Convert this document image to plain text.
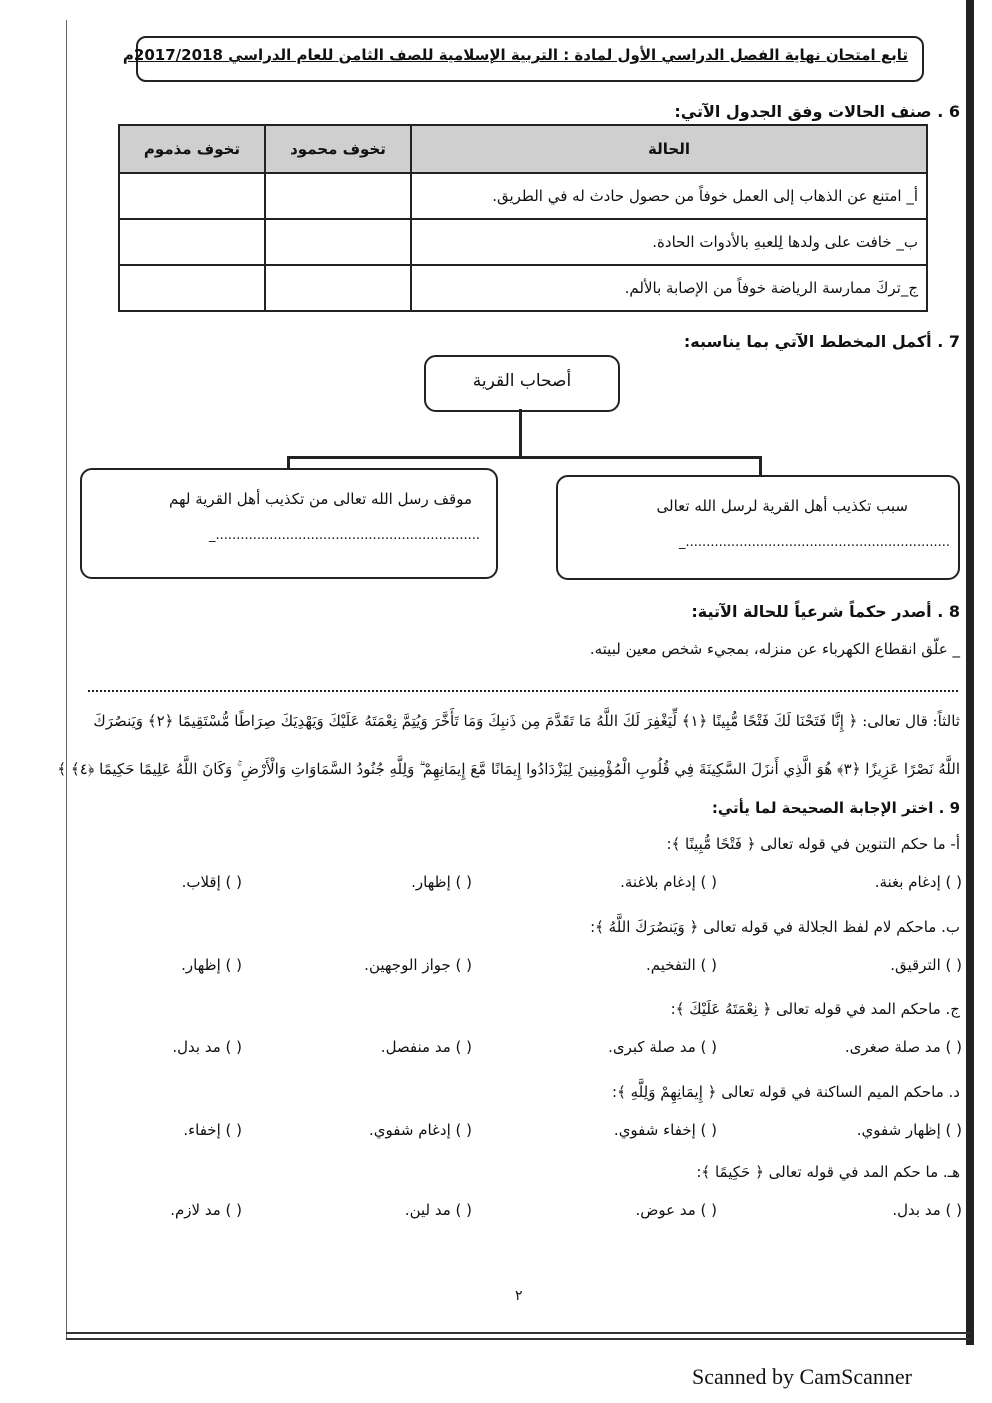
تابع امتحان نهاية الفصل الدراسي الأول لمادة : التربية الإسلامية للصف الثامن للعام الدراسي 2017/2018م
6 . صنف الحالات وفق الجدول الآتي:
الحالة	تخوف محمود	تخوف مذموم
أ_ امتنع عن الذهاب إلى العمل خوفاً من حصول حادث له في الطريق.		
ب_ خافت على ولدها لِلعبهِ بالأدوات الحادة.		
ج_تركَ ممارسة الرياضة خوفاً من الإصابة بالألم.		
7 . أكمل المخطط الآتي بما يناسبه:
أصحاب القرية
موقف رسل الله تعالى من تكذيب أهل القرية لهم
................................................................_
سبب تكذيب أهل القرية لرسل الله تعالى
................................................................_
8 . أصدر حكماً شرعياً للحالة الآتية:
_ علّق انقطاع الكهرباء عن منزله، بمجيء شخص معين لبيته.
ثالثاً: قال تعالى: ﴿ إِنَّا فَتَحْنَا لَكَ فَتْحًا مُّبِينًا ﴿١﴾ لِّيَغْفِرَ لَكَ اللَّهُ مَا تَقَدَّمَ مِن ذَنبِكَ وَمَا تَأَخَّرَ وَيُتِمَّ نِعْمَتَهُ عَلَيْكَ وَيَهْدِيَكَ صِرَاطًا مُّسْتَقِيمًا ﴿٢﴾ وَيَنصُرَكَ
اللَّهُ نَصْرًا عَزِيزًا ﴿٣﴾ هُوَ الَّذِي أَنزَلَ السَّكِينَةَ فِي قُلُوبِ الْمُؤْمِنِينَ لِيَزْدَادُوا إِيمَانًا مَّعَ إِيمَانِهِمْ ۗ وَلِلَّهِ جُنُودُ السَّمَاوَاتِ وَالْأَرْضِ ۚ وَكَانَ اللَّهُ عَلِيمًا حَكِيمًا ﴿٤﴾ ﴾
9 . اختر الإجابة الصحيحة لما يأتي:
أ- ما حكم التنوين في قوله تعالى ﴿ فَتْحًا مُّبِينًا ﴾:
( ) إدغام بغنة.
( ) إدغام بلاغنة.
( ) إظهار.
( ) إقلاب.
ب. ماحكم لام لفظ الجلالة في قوله تعالى ﴿ وَيَنصُرَكَ اللَّهُ ﴾:
( ) الترقيق.
( ) التفخيم.
( ) جواز الوجهين.
( ) إظهار.
ج. ماحكم المد في قوله تعالى ﴿ نِعْمَتَهُ عَلَيْكَ ﴾:
( ) مد صلة صغرى.
( ) مد صلة كبرى.
( ) مد منفصل.
( ) مد بدل.
د. ماحكم الميم الساكنة في قوله تعالى ﴿ إِيمَانِهِمْ وَلِلَّهِ ﴾:
( ) إظهار شفوي.
( ) إخفاء شفوي.
( ) إدغام شفوي.
( ) إخفاء.
هـ. ما حكم المد في قوله تعالى ﴿ حَكِيمًا ﴾:
( ) مد بدل.
( ) مد عوض.
( ) مد لين.
( ) مد لازم.
٢
Scanned by CamScanner
